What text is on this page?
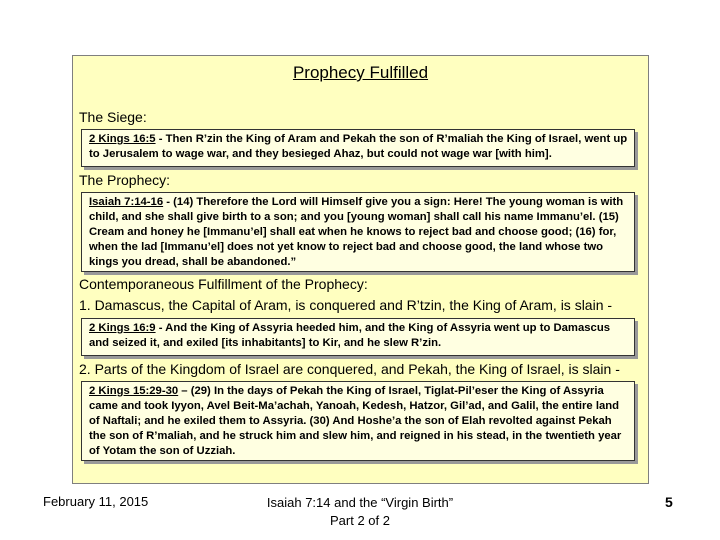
Prophecy Fulfilled
The Siege:
2 Kings 16:5 - Then R’zin the King of Aram and Pekah the son of R’maliah the King of Israel, went up to Jerusalem to wage war, and they besieged Ahaz, but could not wage war [with him].
The Prophecy:
Isaiah 7:14-16 - (14) Therefore the Lord will Himself give you a sign: Here! The young woman is with child, and she shall give birth to a son; and you [young woman] shall call his name Immanu’el. (15) Cream and honey he [Immanu’el] shall eat when he knows to reject bad and choose good; (16) for, when the lad [Immanu’el] does not yet know to reject bad and choose good, the land whose two kings you dread, shall be abandoned.”
Contemporaneous Fulfillment of the Prophecy:
1. Damascus, the Capital of Aram, is conquered and R’tzin, the King of Aram, is slain -
2 Kings 16:9 - And the King of Assyria heeded him, and the King of Assyria went up to Damascus and seized it, and exiled [its inhabitants] to Kir, and he slew R’zin.
2. Parts of the Kingdom of Israel are conquered, and Pekah, the King of Israel, is slain -
2 Kings 15:29-30 – (29) In the days of Pekah the King of Israel, Tiglat-Pil’eser the King of Assyria came and took Iyyon, Avel Beit-Ma’achah, Yanoah, Kedesh, Hatzor, Gil’ad, and Galil, the entire land of Naftali; and he exiled them to Assyria. (30) And Hoshe’a the son of Elah revolted against Pekah the son of R’maliah, and he struck him and slew him, and reigned in his stead, in the twentieth year of Yotam the son of Uzziah.
February 11, 2015	Isaiah 7:14 and the “Virgin Birth”
Part 2 of 2
5
